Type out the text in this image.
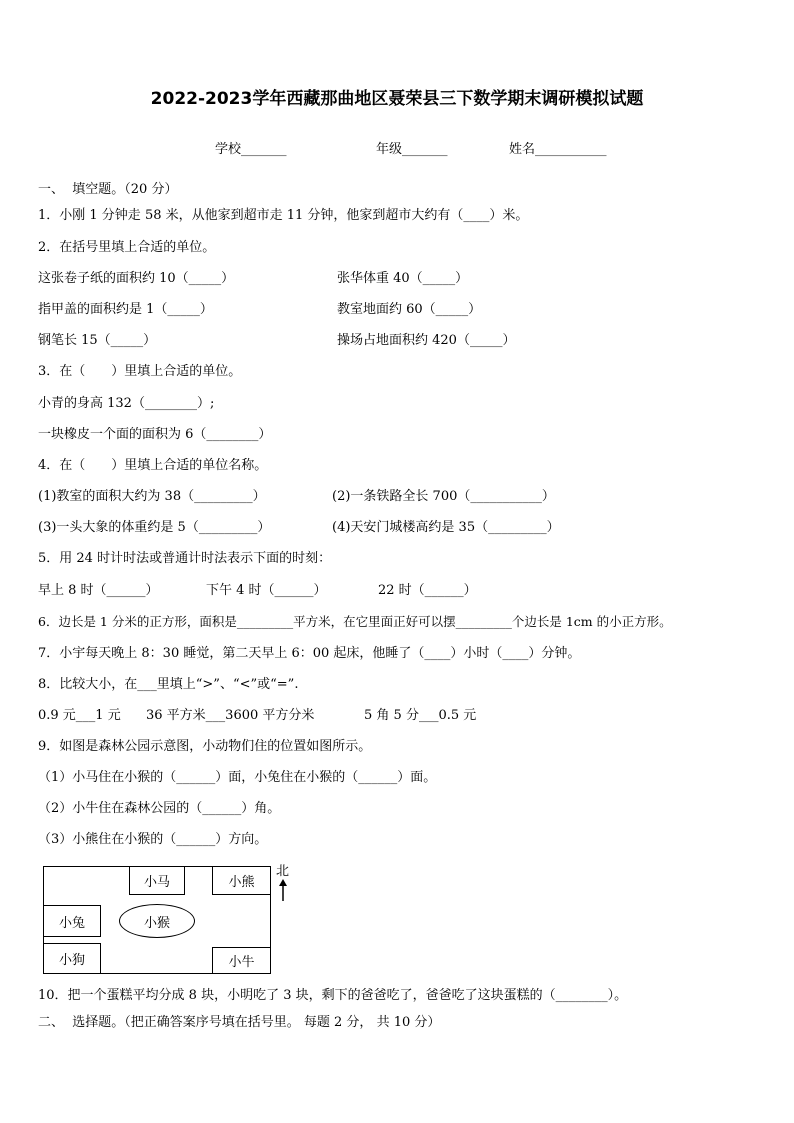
2022-2023学年西藏那曲地区聂荣县三下数学期末调研模拟试题
学校_______	年级_______	姓名___________
一、  填空题。（20 分）
1．小刚 1 分钟走 58 米，从他家到超市走 11 分钟，他家到超市大约有（____）米。
2．在括号里填上合适的单位。
这张卷子纸的面积约 10（_____）	张华体重 40（_____）
指甲盖的面积约是 1（_____）	教室地面约 60（_____）
钢笔长 15（_____）	操场占地面积约 420（_____）
3．在（　　）里填上合适的单位。
小青的身高 132（________）;
一块橡皮一个面的面积为 6（________）
4．在（　　）里填上合适的单位名称。
(1)教室的面积大约为 38（_________）	(2)一条铁路全长 700（___________）
(3)一头大象的体重约是 5（_________）	(4)天安门城楼高约是 35（_________）
5．用 24 时计时法或普通计时法表示下面的时刻：
早上 8 时（______）	下午 4 时（______）	22 时（______）
6．边长是 1 分米的正方形，面积是_________平方米，在它里面正好可以摆_________个边长是 1cm 的小正方形。
7．小宇每天晚上 8：30 睡觉，第二天早上 6：00 起床，他睡了（____）小时（____）分钟。
8．比较大小，在___里填上“>”、“<”或“=”.
0.9 元___1 元 36 平方米___3600 平方分米	5 角 5 分___0.5 元
9．如图是森林公园示意图，小动物们住的位置如图所示。
（1）小马住在小猴的（______）面，小兔住在小猴的（______）面。
（2）小牛住在森林公园的（______）角。
（3）小熊住在小猴的（______）方向。
小马	小熊
小兔	小猴
小狗	小牛
北
10．把一个蛋糕平均分成 8 块，小明吃了 3 块，剩下的爸爸吃了，爸爸吃了这块蛋糕的（________）。
二、  选择题。（把正确答案序号填在括号里。 每题 2 分， 共 10 分）
